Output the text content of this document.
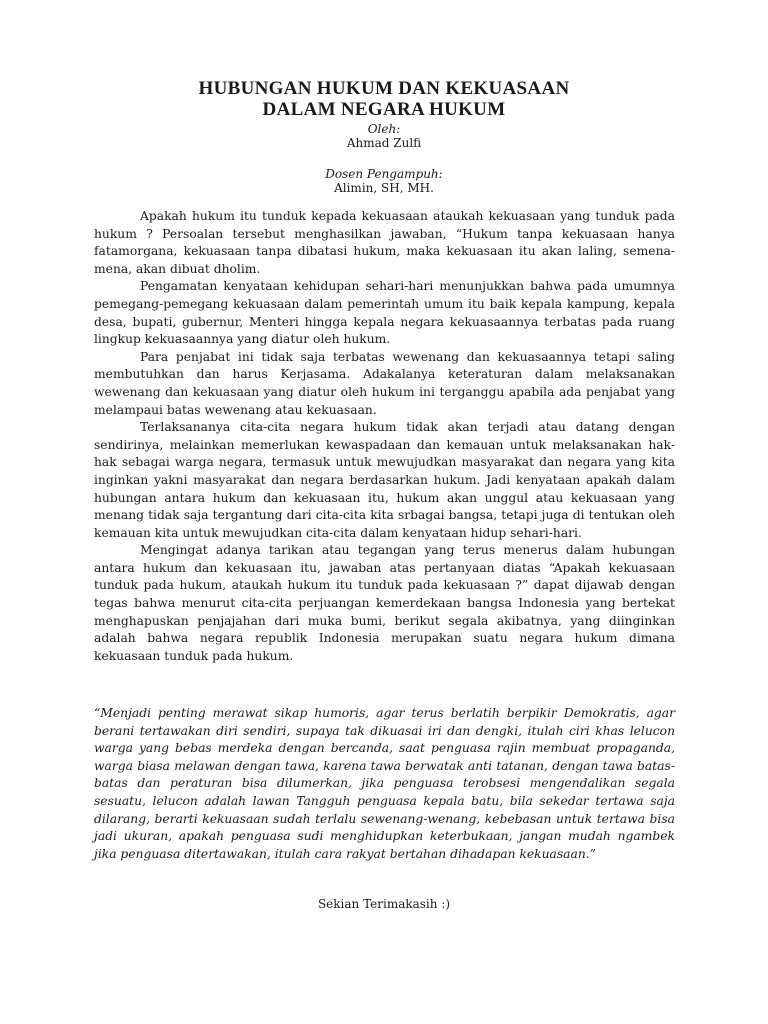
HUBUNGAN HUKUM DAN KEKUASAAN
DALAM NEGARA HUKUM
Oleh:
Ahmad Zulfi
Dosen Pengampuh:
Alimin, SH, MH.

Apakah hukum itu tunduk kepada kekuasaan ataukah kekuasaan yang tunduk pada hukum ? Persoalan tersebut menghasilkan jawaban, “Hukum tanpa kekuasaan hanya fatamorgana, kekuasaan tanpa dibatasi hukum, maka kekuasaan itu akan laling, semena-mena, akan dibuat dholim.

Pengamatan kenyataan kehidupan sehari-hari menunjukkan bahwa pada umumnya pemegang-pemegang kekuasaan dalam pemerintah umum itu baik kepala kampung, kepala desa, bupati, gubernur, Menteri hingga kepala negara kekuasaannya terbatas pada ruang lingkup kekuasaannya yang diatur oleh hukum.

Para penjabat ini tidak saja terbatas wewenang dan kekuasaannya tetapi saling membutuhkan dan harus Kerjasama. Adakalanya keteraturan dalam melaksanakan wewenang dan kekuasaan yang diatur oleh hukum ini terganggu apabila ada penjabat yang melampaui batas wewenang atau kekuasaan.

Terlaksananya cita-cita negara hukum tidak akan terjadi atau datang dengan sendirinya, melainkan memerlukan kewaspadaan dan kemauan untuk melaksanakan hak-hak sebagai warga negara, termasuk untuk mewujudkan masyarakat dan negara yang kita inginkan yakni masyarakat dan negara berdasarkan hukum. Jadi kenyataan apakah dalam hubungan antara hukum dan kekuasaan itu, hukum akan unggul atau kekuasaan yang menang tidak saja tergantung dari cita-cita kita srbagai bangsa, tetapi juga di tentukan oleh kemauan kita untuk mewujudkan cita-cita dalam kenyataan hidup sehari-hari.

Mengingat adanya tarikan atau tegangan yang terus menerus dalam hubungan antara hukum dan kekuasaan itu, jawaban atas pertanyaan diatas “Apakah kekuasaan tunduk pada hukum, ataukah hukum itu tunduk pada kekuasaan ?” dapat dijawab dengan tegas bahwa menurut cita-cita perjuangan kemerdekaan bangsa Indonesia yang bertekat menghapuskan penjajahan dari muka bumi, berikut segala akibatnya, yang diinginkan adalah bahwa negara republik Indonesia merupakan suatu negara hukum dimana kekuasaan tunduk pada hukum.

“Menjadi penting merawat sikap humoris, agar terus berlatih berpikir Demokratis, agar berani tertawakan diri sendiri, supaya tak dikuasai iri dan dengki, itulah ciri khas lelucon warga yang bebas merdeka dengan bercanda, saat penguasa rajin membuat propaganda, warga biasa melawan dengan tawa, karena tawa berwatak anti tatanan, dengan tawa batas-batas dan peraturan bisa dilumerkan, jika penguasa terobsesi mengendalikan segala sesuatu, lelucon adalah lawan Tangguh penguasa kepala batu, bila sekedar tertawa saja dilarang, berarti kekuasaan sudah terlalu sewenang-wenang, kebebasan untuk tertawa bisa jadi ukuran, apakah penguasa sudi menghidupkan keterbukaan, jangan mudah ngambek jika penguasa ditertawakan, itulah cara rakyat bertahan dihadapan kekuasaan.”

Sekian Terimakasih :)
